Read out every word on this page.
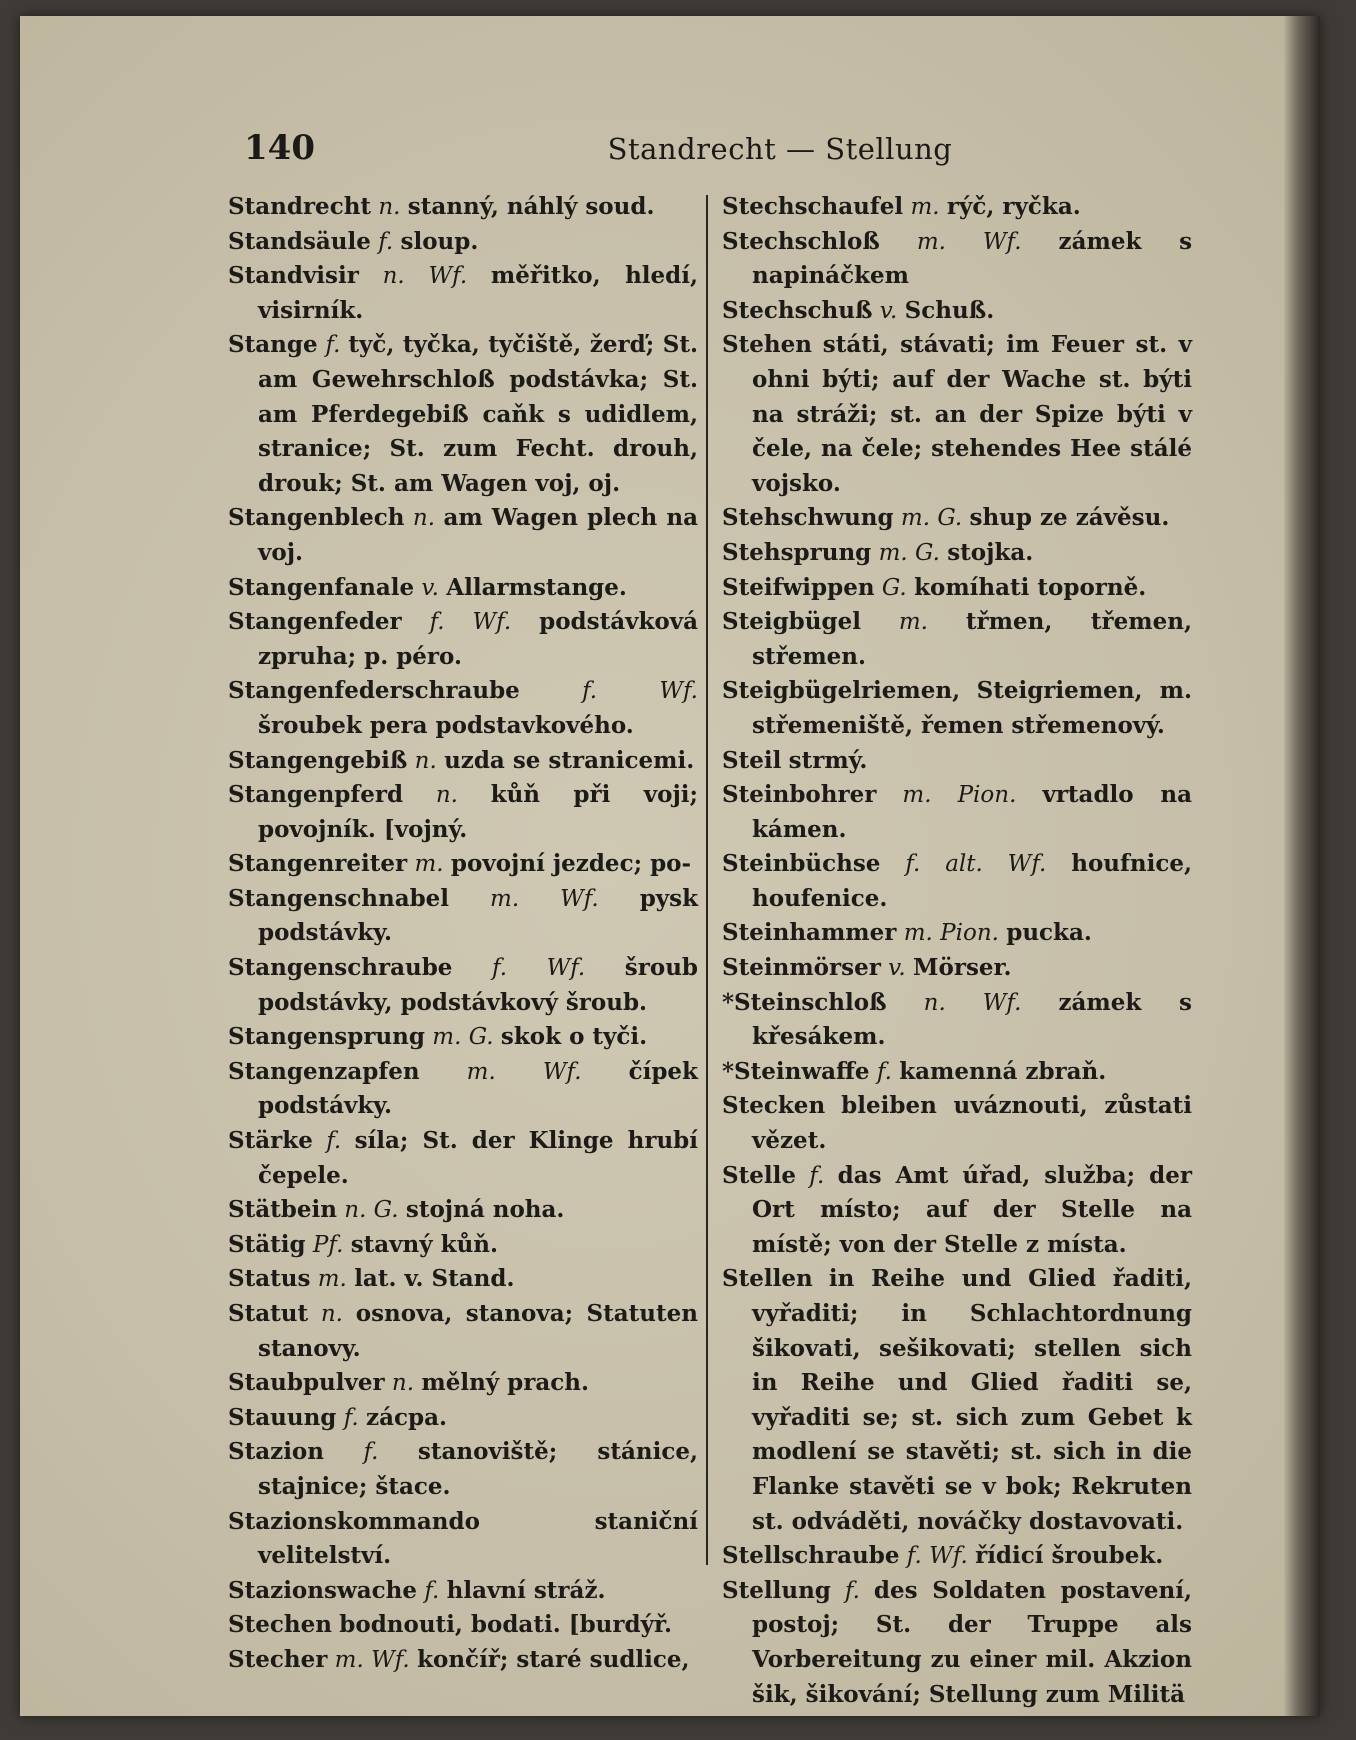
140	Standrecht — Stellung

Standrecht n. stanný, náhlý soud.

Standsäule f. sloup.

Standvisir n. Wf. měřitko, hledí, visirník.

Stange f. tyč, tyčka, tyčiště, žerď; St. am Gewehrschloß podstávka; St. am Pferdegebiß caňk s udidlem, stranice; St. zum Fecht. drouh, drouk; St. am Wagen voj, oj.

Stangenblech n. am Wagen plech na voj.

Stangenfanale v. Allarmstange.

Stangenfeder f. Wf. podstávková zpruha; p. péro.

Stangenfederschraube	f. Wf. šroubek pera podstavkového.

Stangengebiß n. uzda se stranicemi.

Stangenpferd n. kůň při voji; povojník. [vojný.

Stangenreiter m. povojní jezdec; po-

Stangenschnabel m. Wf. pysk podstávky.

Stangenschraube f. Wf. šroub podstávky, podstávkový šroub.

Stangensprung m. G. skok o tyči.

Stangenzapfen m. Wf. čípek podstávky.

Stärke f. síla; St. der Klinge hrubí čepele.

Stätbein n. G. stojná noha.

Stätig Pf. stavný kůň.

Status m. lat. v. Stand.

Statut n. osnova, stanova; Statuten stanovy.

Staubpulver n. mělný prach.

Stauung f. zácpa.

Stazion f. stanoviště; stánice, stajnice; štace.

Stazionskommando	staniční velitelství.

Stazionswache f. hlavní stráž.

Stechen bodnouti, bodati. [burdýř.

Stecher m. Wf. končíř; staré sudlice,

Stechschaufel m. rýč, ryčka.

Stechschloß m. Wf. zámek s napináčkem

Stechschuß v. Schuß.

Stehen státi, stávati; im Feuer st. v ohni býti; auf der Wache st. býti na stráži; st. an der Spize býti v čele, na čele; stehendes Hee stálé vojsko.

Stehschwung m. G. shup ze závěsu.

Stehsprung m. G. stojka.

Steifwippen G. komíhati toporně.

Steigbügel m. třmen, třemen, střemen.

Steigbügelriemen, Steigriemen, m. střemeniště, řemen střemenový.

Steil strmý.

Steinbohrer m. Pion. vrtadlo na kámen.

Steinbüchse f. alt. Wf. houfnice, houfenice.

Steinhammer m. Pion. pucka.

Steinmörser v. Mörser.

*Steinschloß n. Wf. zámek s křesákem.

*Steinwaffe f. kamenná zbraň.

Stecken bleiben uváznouti, zůstati vězet.

Stelle f. das Amt úřad, služba; der Ort místo; auf der Stelle na místě; von der Stelle z místa.

Stellen in Reihe und Glied řaditi, vyřaditi; in Schlachtordnung šikovati, sešikovati; stellen sich in Reihe und Glied řaditi se, vyřaditi se; st. sich zum Gebet k modlení se stavěti; st. sich in die Flanke stavěti se v bok; Rekruten st. odváděti, nováčky dostavovati.

Stellschraube f. Wf. řídicí šroubek.

Stellung f. des Soldaten postavení, postoj; St. der Truppe als Vorbereitung zu einer mil. Akzion šik, šikování; Stellung zum Militä
